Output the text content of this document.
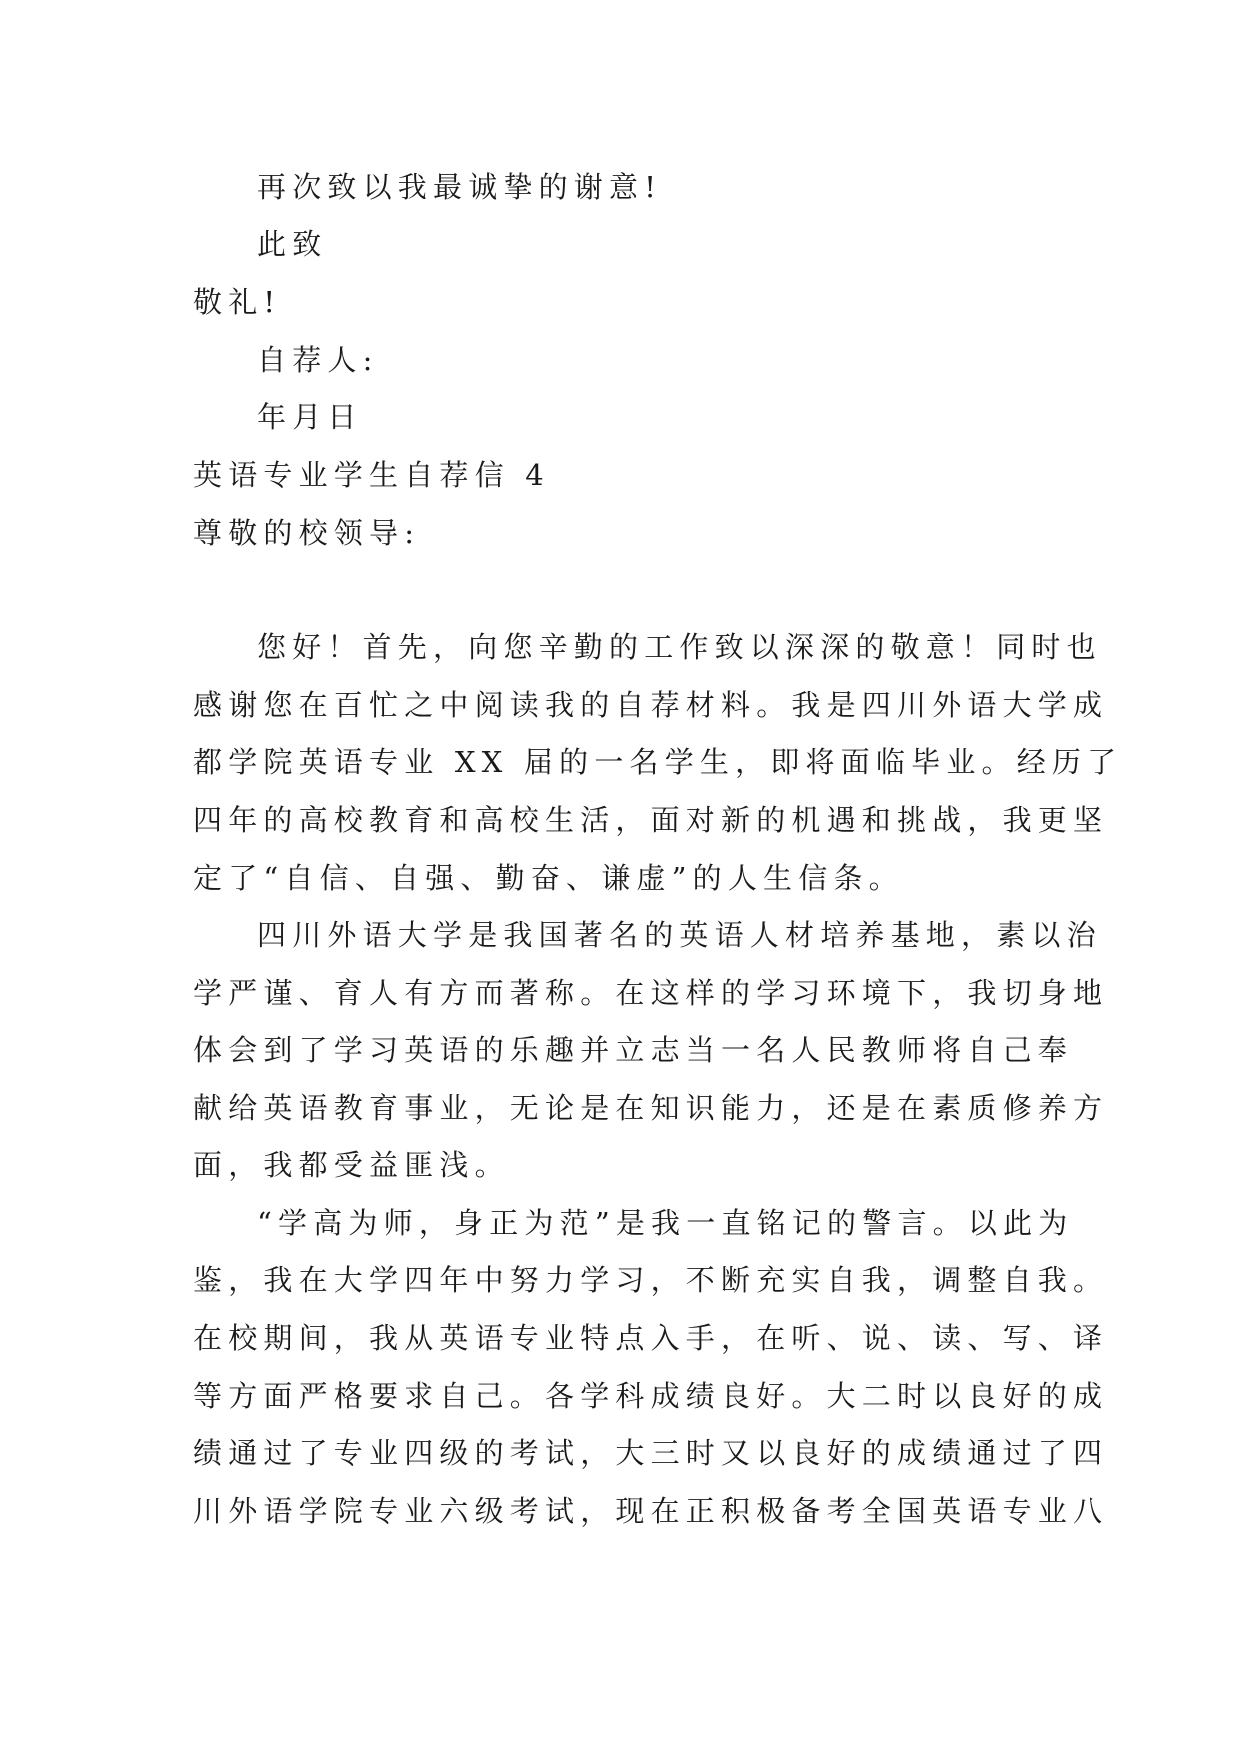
再次致以我最诚挚的谢意!
此致
敬礼!
自荐人:
年月日
英语专业学生自荐信 4
尊敬的校领导:
您好！首先，向您辛勤的工作致以深深的敬意！同时也
感谢您在百忙之中阅读我的自荐材料。我是四川外语大学成
都学院英语专业 XX 届的一名学生，即将面临毕业。经历了
四年的高校教育和高校生活，面对新的机遇和挑战，我更坚
定了“自信、自强、勤奋、谦虚”的人生信条。
四川外语大学是我国著名的英语人材培养基地，素以治
学严谨、育人有方而著称。在这样的学习环境下，我切身地
体会到了学习英语的乐趣并立志当一名人民教师将自己奉
献给英语教育事业，无论是在知识能力，还是在素质修养方
面，我都受益匪浅。
“学高为师，身正为范”是我一直铭记的警言。以此为
鉴，我在大学四年中努力学习，不断充实自我，调整自我。
在校期间，我从英语专业特点入手，在听、说、读、写、译
等方面严格要求自己。各学科成绩良好。大二时以良好的成
绩通过了专业四级的考试，大三时又以良好的成绩通过了四
川外语学院专业六级考试，现在正积极备考全国英语专业八
